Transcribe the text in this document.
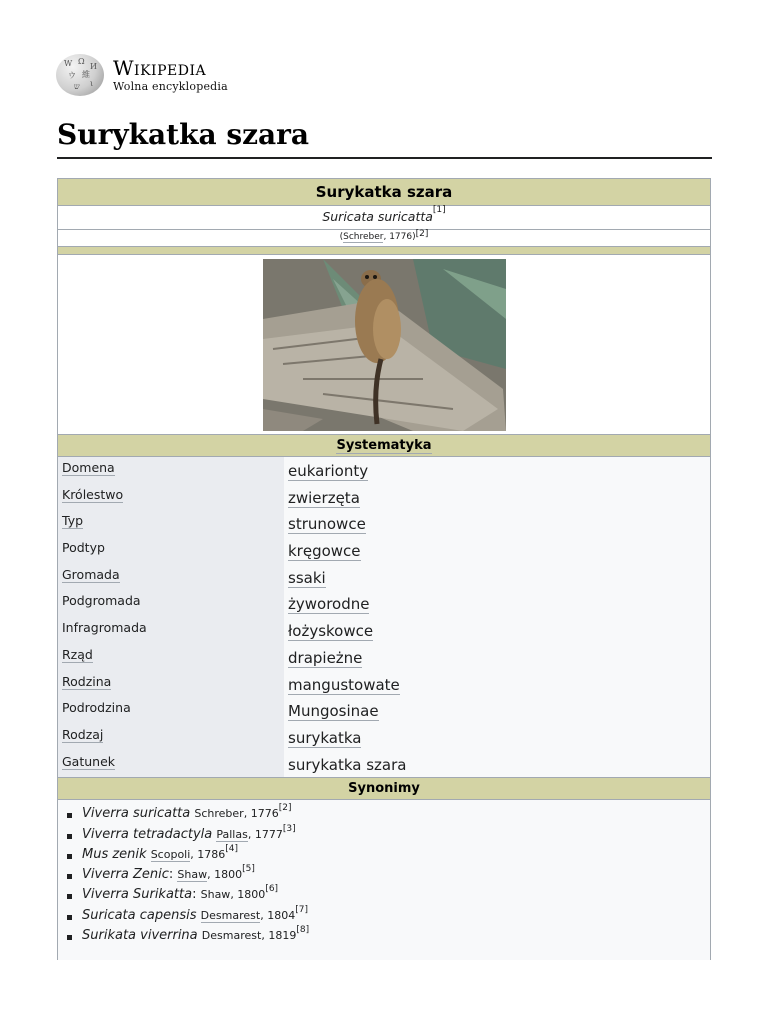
W Ω
И
ウ 維
ש ι
Wikipedia
Wolna encyklopedia
Surykatka szara
Surykatka szara
Suricata suricatta[1]
(Schreber, 1776)[2]
Systematyka
Domena	eukarionty
Królestwo	zwierzęta
Typ	strunowce
Podtyp	kręgowce
Gromada	ssaki
Podgromada	żyworodne
Infragromada	łożyskowce
Rząd	drapieżne
Rodzina	mangustowate
Podrodzina	Mungosinae
Rodzaj	surykatka
Gatunek	surykatka szara
Synonimy
Viverra suricatta Schreber, 1776[2]
Viverra tetradactyla Pallas, 1777[3]
Mus zenik Scopoli, 1786[4]
Viverra Zenic: Shaw, 1800[5]
Viverra Surikatta: Shaw, 1800[6]
Suricata capensis Desmarest, 1804[7]
Surikata viverrina Desmarest, 1819[8]
